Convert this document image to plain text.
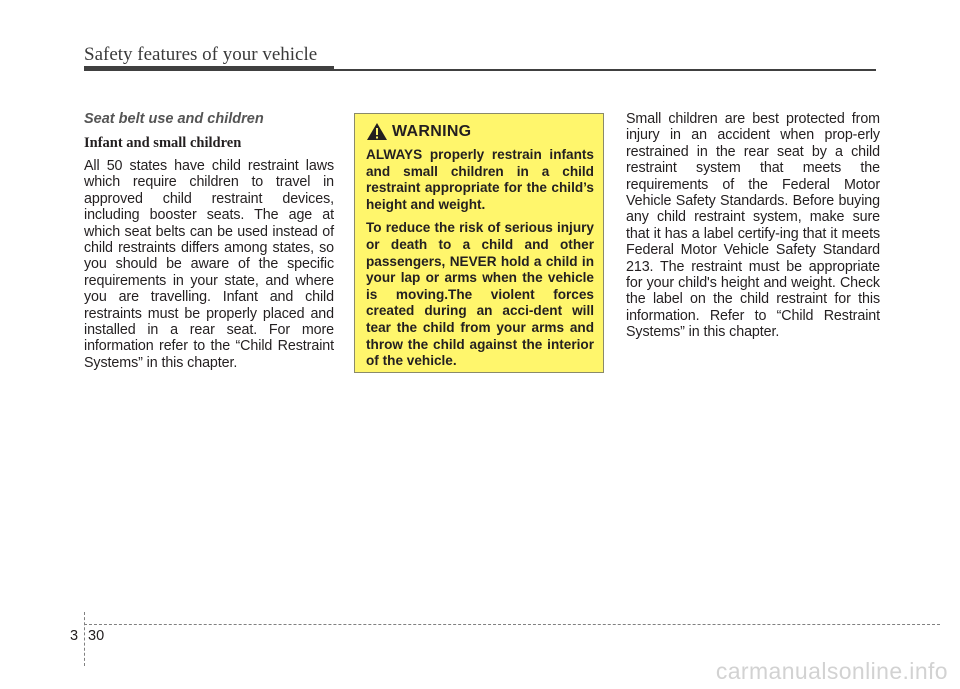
Safety features of your vehicle
Seat belt use and children
Infant and small children

All 50 states have child restraint laws which require children to travel in approved child restraint devices, including booster seats. The age at which seat belts can be used instead of child restraints differs among states, so you should be aware of the specific requirements in your state, and where you are travelling. Infant and child restraints must be properly placed and installed in a rear seat. For more information refer to the “Child Restraint Systems” in this chapter.

WARNING

ALWAYS properly restrain infants and small children in a child restraint appropriate for the child’s height and weight.

To reduce the risk of serious injury or death to a child and other passengers, NEVER hold a child in your lap or arms when the vehicle is moving.The violent forces created during an acci-dent will tear the child from your arms and throw the child against the interior of the vehicle.

Small children are best protected from injury in an accident when prop-erly restrained in the rear seat by a child restraint system that meets the requirements of the Federal Motor Vehicle Safety Standards. Before buying any child restraint system, make sure that it has a label certify-ing that it meets Federal Motor Vehicle Safety Standard 213. The restraint must be appropriate for your child's height and weight. Check the label on the child restraint for this information. Refer to “Child Restraint Systems” in this chapter.

3 30
carmanualsonline.info
